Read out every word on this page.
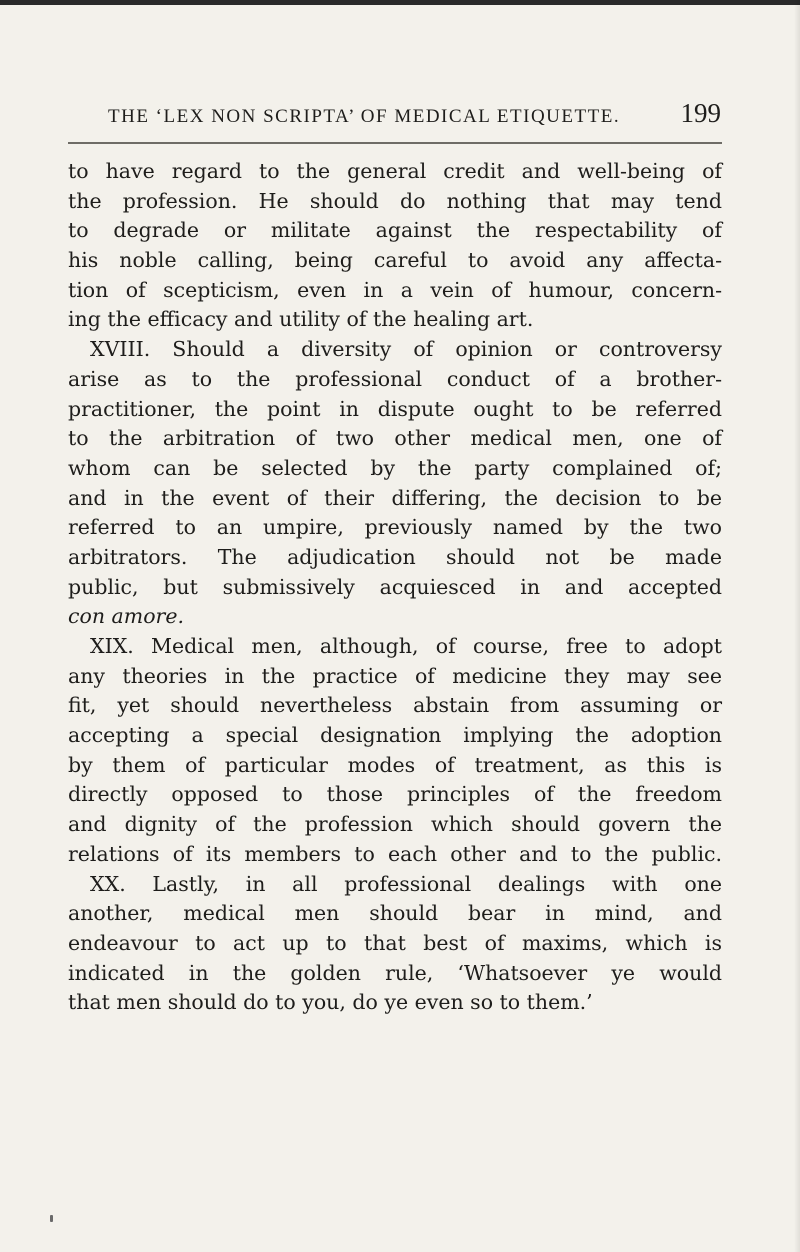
THE ‘LEX NON SCRIPTA’ OF MEDICAL ETIQUETTE. 199
to have regard to the general credit and well-being of
the profession. He should do nothing that may tend
to degrade or militate against the respectability of
his noble calling, being careful to avoid any affecta-
tion of scepticism, even in a vein of humour, concern-
ing the efficacy and utility of the healing art.
XVIII. Should a diversity of opinion or controversy
arise as to the professional conduct of a brother-
practitioner, the point in dispute ought to be referred
to the arbitration of two other medical men, one of
whom can be selected by the party complained of;
and in the event of their differing, the decision to be
referred to an umpire, previously named by the two
arbitrators. The adjudication should not be made
public, but submissively acquiesced in and accepted
con amore.
XIX. Medical men, although, of course, free to adopt
any theories in the practice of medicine they may see
fit, yet should nevertheless abstain from assuming or
accepting a special designation implying the adoption
by them of particular modes of treatment, as this is
directly opposed to those principles of the freedom
and dignity of the profession which should govern the
relations of its members to each other and to the public.
XX. Lastly, in all professional dealings with one
another, medical men should bear in mind, and
endeavour to act up to that best of maxims, which is
indicated in the golden rule, ‘Whatsoever ye would
that men should do to you, do ye even so to them.’
